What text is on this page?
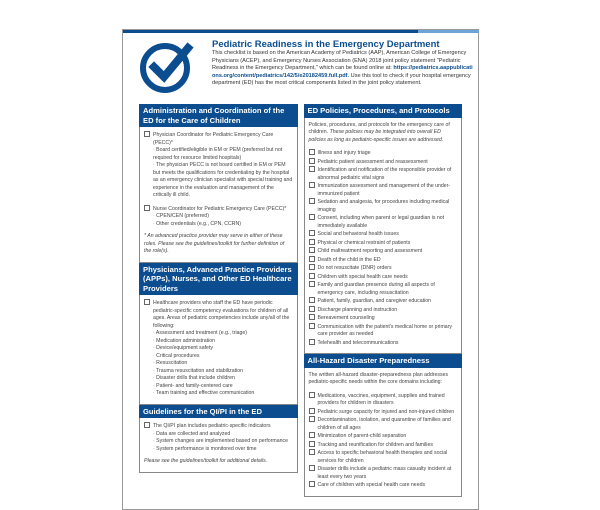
Pediatric Readiness in the Emergency Department
This checklist is based on the American Academy of Pediatrics (AAP), American College of Emergency Physicians (ACEP), and Emergency Nurses Association (ENA) 2018 joint policy statement "Pediatric Readiness in the Emergency Department," which can be found online at: https://pediatrics.aappublications.org/content/pediatrics/142/5/e20182459.full.pdf. Use this tool to check if your hospital emergency department (ED) has the most critical components listed in the joint policy statement.
Administration and Coordination of the ED for the Care of Children
Physician Coordinator for Pediatric Emergency Care (PECC)*
· Board certified/eligible in EM or PEM (preferred but not required for resource limited hospitals)
· The physician PECC is not board certified in EM or PEM but meets the qualifications for credentialing by the hospital as an emergency clinician specialist with special training and experience in the evaluation and management of the critically ill child.
Nurse Coordinator for Pediatric Emergency Care (PECC)*
· CPEN/CEN (preferred)
· Other credentials (e.g., CPN, CCRN)
* An advanced practice provider may serve in either of these roles. Please see the guidelines/toolkit for further definition of the role(s).
Physicians, Advanced Practice Providers (APPs), Nurses, and Other ED Healthcare Providers
Healthcare providers who staff the ED have periodic pediatric-specific competency evaluations for children of all ages. Areas of pediatric competencies include any/all of the following:
· Assessment and treatment (e.g., triage)
· Medication administration
· Device/equipment safety
· Critical procedures
· Resuscitation
· Trauma resuscitation and stabilization
· Disaster drills that include children
· Patient- and family-centered care
· Team training and effective communication
Guidelines for the QI/PI in the ED
The QI/PI plan includes pediatric-specific indicators
· Data are collected and analyzed
· System changes are implemented based on performance
· System performance is monitored over time
Please see the guidelines/toolkit for additional details.
ED Policies, Procedures, and Protocols
Policies, procedures, and protocols for the emergency care of children. These policies may be integrated into overall ED policies as long as pediatric-specific issues are addressed.
Illness and injury triage
Pediatric patient assessment and reassessment
Identification and notification of the responsible provider of abnormal pediatric vital signs
Immunization assessment and management of the under-immunized patient
Sedation and analgesia, for procedures including medical imaging
Consent, including when parent or legal guardian is not immediately available
Social and behavioral health issues
Physical or chemical restraint of patients
Child maltreatment reporting and assessment
Death of the child in the ED
Do not resuscitate (DNR) orders
Children with special health care needs
Family and guardian presence during all aspects of emergency care, including resuscitation
Patient, family, guardian, and caregiver education
Discharge planning and instruction
Bereavement counseling
Communication with the patient's medical home or primary care provider as needed
Telehealth and telecommunications
All-Hazard Disaster Preparedness
The written all-hazard disaster-preparedness plan addresses pediatric-specific needs within the core domains including:
Medications, vaccines, equipment, supplies and trained providers for children in disasters
Pediatric surge capacity for injured and non-injured children
Decontamination, isolation, and quarantine of families and children of all ages
Minimization of parent-child separation
Tracking and reunification for children and families
Access to specific behavioral health therapies and social services for children
Disaster drills include a pediatric mass casualty incident at least every two years
Care of children with special health care needs
